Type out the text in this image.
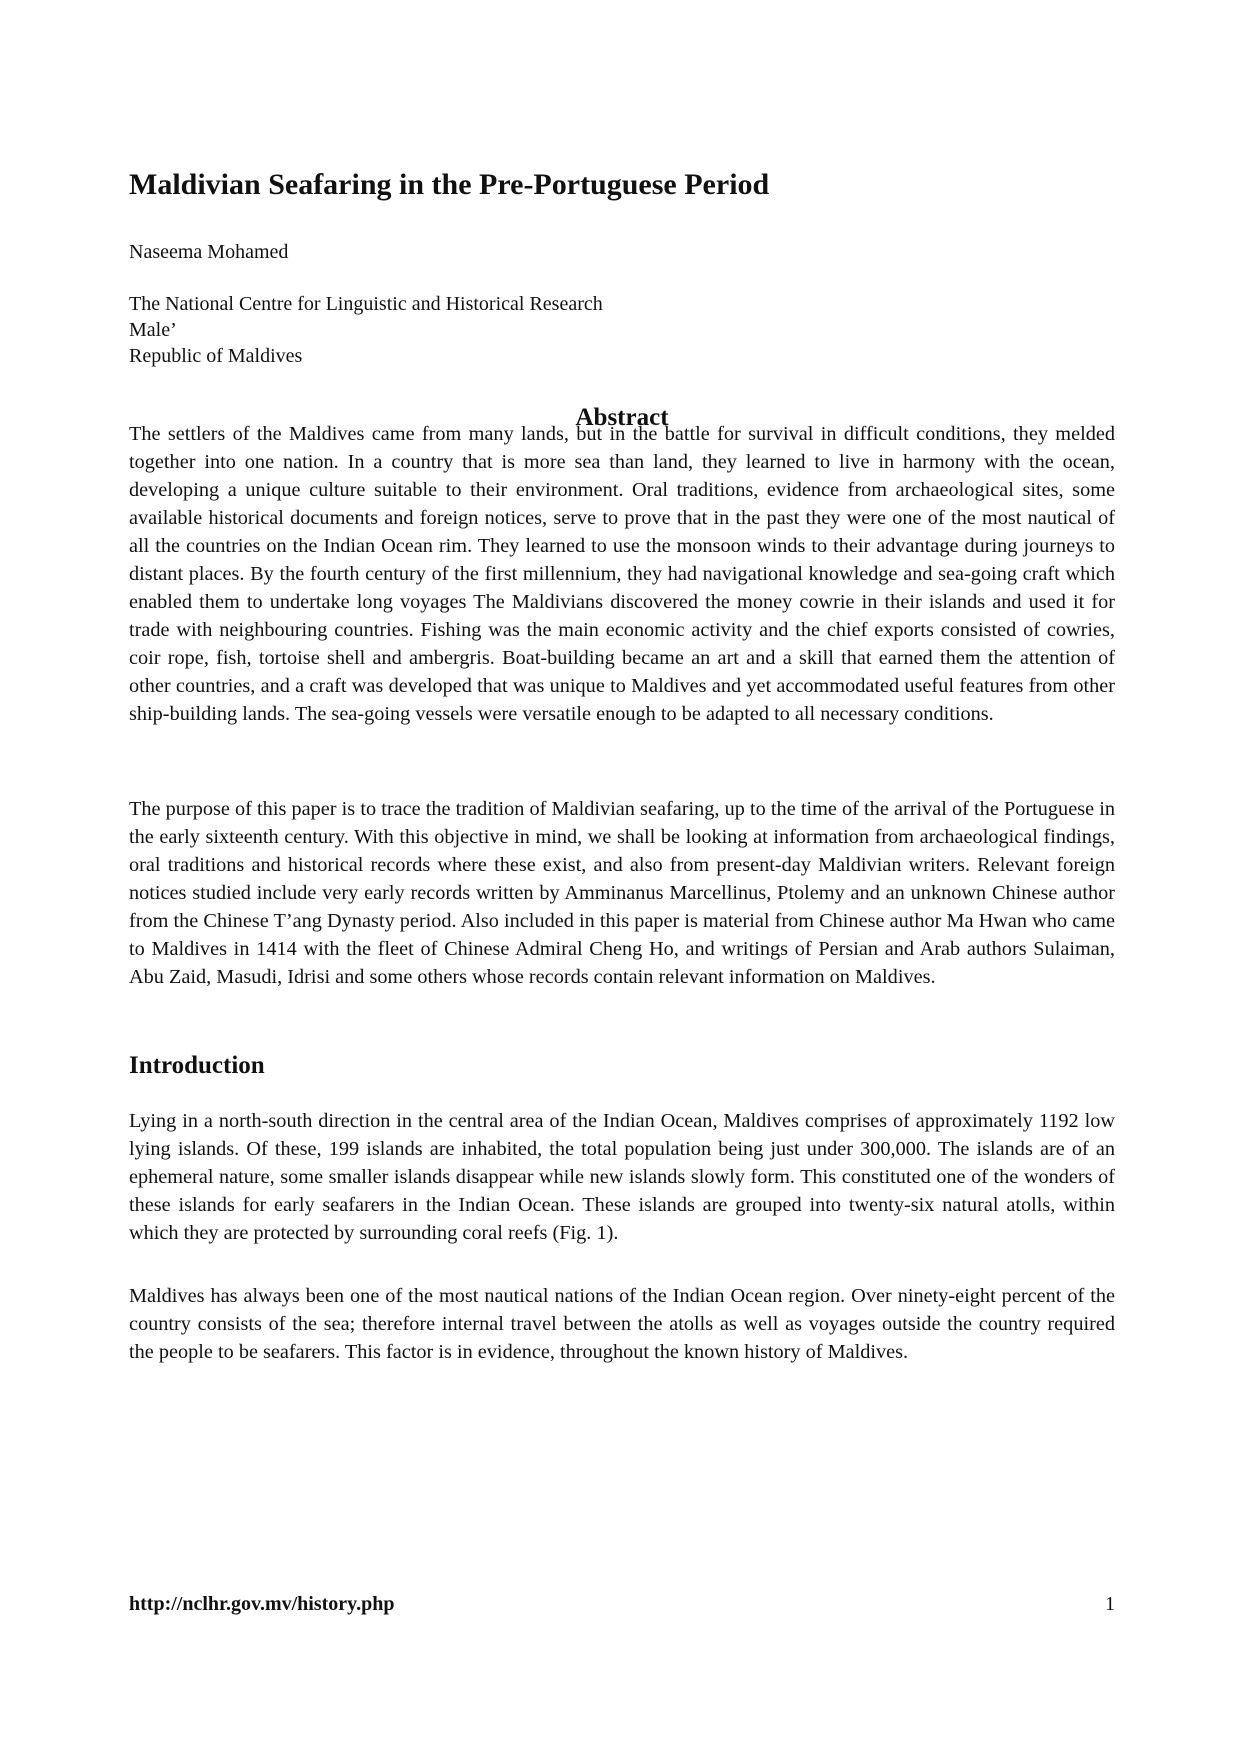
Maldivian Seafaring in the Pre-Portuguese Period

Naseema Mohamed

The National Centre for Linguistic and Historical Research
Male’
Republic of Maldives

Abstract

The settlers of the Maldives came from many lands, but in the battle for survival in difficult conditions, they melded together into one nation. In a country that is more sea than land, they learned to live in harmony with the ocean, developing a unique culture suitable to their environment. Oral traditions, evidence from archaeological sites, some available historical documents and foreign notices, serve to prove that in the past they were one of the most nautical of all the countries on the Indian Ocean rim. They learned to use the monsoon winds to their advantage during journeys to distant places. By the fourth century of the first millennium, they had navigational knowledge and sea-going craft which enabled them to undertake long voyages The Maldivians discovered the money cowrie in their islands and used it for trade with neighbouring countries. Fishing was the main economic activity and the chief exports consisted of cowries, coir rope, fish, tortoise shell and ambergris. Boat-building became an art and a skill that earned them the attention of other countries, and a craft was developed that was unique to Maldives and yet accommodated useful features from other ship-building lands. The sea-going vessels were versatile enough to be adapted to all necessary conditions.

The purpose of this paper is to trace the tradition of Maldivian seafaring, up to the time of the arrival of the Portuguese in the early sixteenth century. With this objective in mind, we shall be looking at information from archaeological findings, oral traditions and historical records where these exist, and also from present-day Maldivian writers. Relevant foreign notices studied include very early records written by Amminanus Marcellinus, Ptolemy and an unknown Chinese author from the Chinese T’ang Dynasty period. Also included in this paper is material from Chinese author Ma Hwan who came to Maldives in 1414 with the fleet of Chinese Admiral Cheng Ho, and writings of Persian and Arab authors Sulaiman, Abu Zaid, Masudi, Idrisi and some others whose records contain relevant information on Maldives.

Introduction

Lying in a north-south direction in the central area of the Indian Ocean, Maldives comprises of approximately 1192 low lying islands. Of these, 199 islands are inhabited, the total population being just under 300,000. The islands are of an ephemeral nature, some smaller islands disappear while new islands slowly form. This constituted one of the wonders of these islands for early seafarers in the Indian Ocean. These islands are grouped into twenty-six natural atolls, within which they are protected by surrounding coral reefs (Fig. 1).

Maldives has always been one of the most nautical nations of the Indian Ocean region. Over ninety-eight percent of the country consists of the sea; therefore internal travel between the atolls as well as voyages outside the country required the people to be seafarers. This factor is in evidence, throughout the known history of Maldives.

http://nclhr.gov.mv/history.php	1
